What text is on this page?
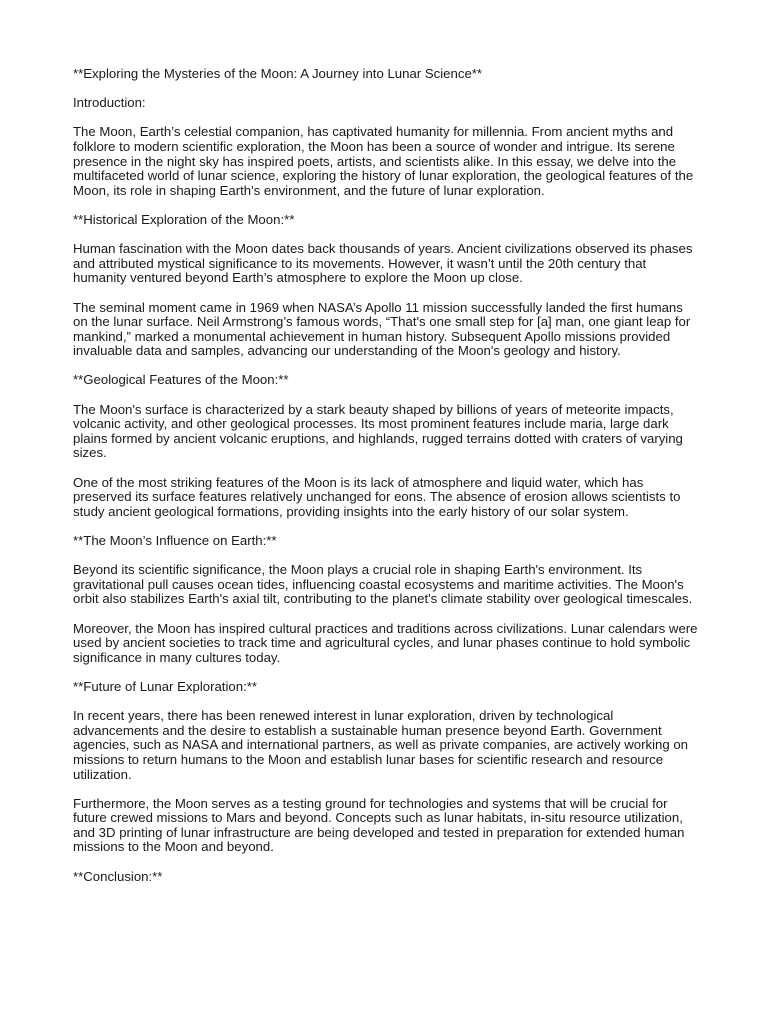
**Exploring the Mysteries of the Moon: A Journey into Lunar Science**

Introduction:

The Moon, Earth’s celestial companion, has captivated humanity for millennia. From ancient myths and folklore to modern scientific exploration, the Moon has been a source of wonder and intrigue. Its serene presence in the night sky has inspired poets, artists, and scientists alike. In this essay, we delve into the multifaceted world of lunar science, exploring the history of lunar exploration, the geological features of the Moon, its role in shaping Earth's environment, and the future of lunar exploration.

**Historical Exploration of the Moon:**

Human fascination with the Moon dates back thousands of years. Ancient civilizations observed its phases and attributed mystical significance to its movements. However, it wasn’t until the 20th century that humanity ventured beyond Earth’s atmosphere to explore the Moon up close.

The seminal moment came in 1969 when NASA’s Apollo 11 mission successfully landed the first humans on the lunar surface. Neil Armstrong’s famous words, “That's one small step for [a] man, one giant leap for mankind,” marked a monumental achievement in human history. Subsequent Apollo missions provided invaluable data and samples, advancing our understanding of the Moon's geology and history.

**Geological Features of the Moon:**

The Moon's surface is characterized by a stark beauty shaped by billions of years of meteorite impacts, volcanic activity, and other geological processes. Its most prominent features include maria, large dark plains formed by ancient volcanic eruptions, and highlands, rugged terrains dotted with craters of varying sizes.

One of the most striking features of the Moon is its lack of atmosphere and liquid water, which has preserved its surface features relatively unchanged for eons. The absence of erosion allows scientists to study ancient geological formations, providing insights into the early history of our solar system.

**The Moon’s Influence on Earth:**

Beyond its scientific significance, the Moon plays a crucial role in shaping Earth's environment. Its gravitational pull causes ocean tides, influencing coastal ecosystems and maritime activities. The Moon's orbit also stabilizes Earth's axial tilt, contributing to the planet's climate stability over geological timescales.

Moreover, the Moon has inspired cultural practices and traditions across civilizations. Lunar calendars were used by ancient societies to track time and agricultural cycles, and lunar phases continue to hold symbolic significance in many cultures today.

**Future of Lunar Exploration:**

In recent years, there has been renewed interest in lunar exploration, driven by technological advancements and the desire to establish a sustainable human presence beyond Earth. Government agencies, such as NASA and international partners, as well as private companies, are actively working on missions to return humans to the Moon and establish lunar bases for scientific research and resource utilization.

Furthermore, the Moon serves as a testing ground for technologies and systems that will be crucial for future crewed missions to Mars and beyond. Concepts such as lunar habitats, in-situ resource utilization, and 3D printing of lunar infrastructure are being developed and tested in preparation for extended human missions to the Moon and beyond.

**Conclusion:**
